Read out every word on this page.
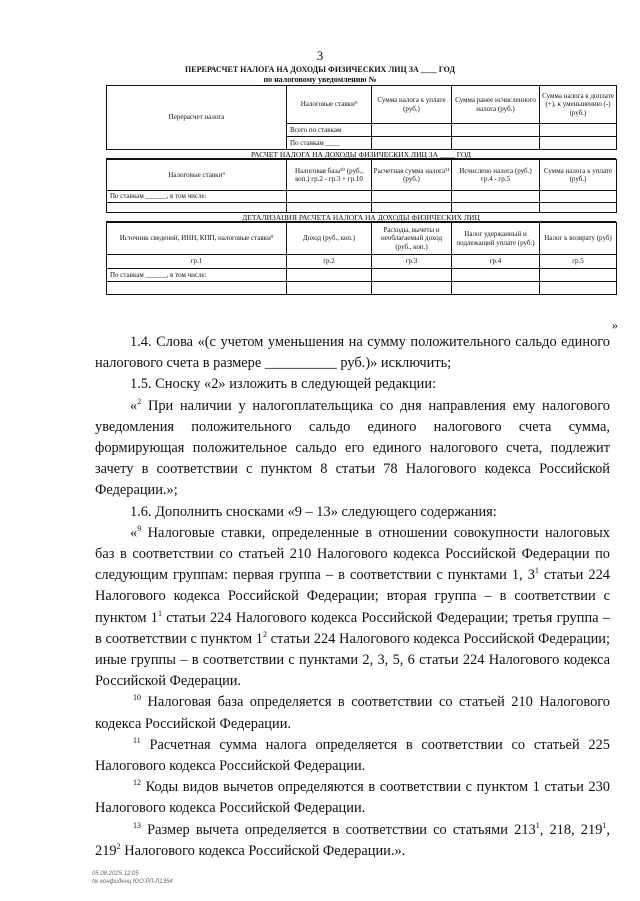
3
ПЕРЕРАСЧЕТ НАЛОГА НА ДОХОДЫ ФИЗИЧЕСКИХ ЛИЦ ЗА ____ ГОД
по налоговому уведомлению №
Перерасчет налога	Налоговые ставки⁹	Сумма налога к уплате (руб.)	Сумма ранее исчисленного налога (руб.)	Сумма налога к доплате (+), к уменьшению (-) (руб.)
	Всего по ставкам			
	По ставкам ____			
РАСЧЕТ НАЛОГА НА ДОХОДЫ ФИЗИЧЕСКИХ ЛИЦ ЗА ____ ГОД
Налоговые ставки⁹	Налоговая база¹⁰ (руб., коп.) гр.2 - гр.3 + гр.10	Расчетная сумма налога¹¹ (руб.)	Исчислено налога (руб.) гр.4 - гр.5	Сумма налога к уплате (руб.)
По ставкам ______, в том числе:				

ДЕТАЛИЗАЦИЯ РАСЧЕТА НАЛОГА НА ДОХОДЫ ФИЗИЧЕСКИХ ЛИЦ
Источник сведений, ИНН, КПП, налоговые ставки⁹	Доход (руб., коп.)	Расходы, вычеты и необлагаемый доход (руб., коп.)	Налог удержанный и подлежащий уплате (руб.)	Налог к возврату (руб)
гр.1	гр.2	гр.3	гр.4	гр.5
По ставкам ______, в том числе:				

»

1.4. Слова «(с учетом уменьшения на сумму положительного сальдо единого налогового счета в размере __________ руб.)» исключить;

1.5. Сноску «2» изложить в следующей редакции:

«$^2$ При наличии у налогоплательщика со дня направления ему налогового уведомления положительного сальдо единого налогового счета сумма, формирующая положительное сальдо его единого налогового счета, подлежит зачету в соответствии с пунктом 8 статьи 78 Налогового кодекса Российской Федерации.»;

1.6. Дополнить сносками «9 – 13» следующего содержания:

«$^9$ Налоговые ставки, определенные в отношении совокупности налоговых баз в соответствии со статьей 210 Налогового кодекса Российской Федерации по следующим группам: первая группа – в соответствии с пунктами 1, $3^1$ статьи 224 Налогового кодекса Российской Федерации; вторая группа – в соответствии с пунктом $1^1$ статьи 224 Налогового кодекса Российской Федерации; третья группа – в соответствии с пунктом $1^2$ статьи 224 Налогового кодекса Российской Федерации; иные группы – в соответствии с пунктами 2, 3, 5, 6 статьи 224 Налогового кодекса Российской Федерации.

$^{10}$ Налоговая база определяется в соответствии со статьей 210 Налогового кодекса Российской Федерации.

$^{11}$ Расчетная сумма налога определяется в соответствии со статьей 225 Налогового кодекса Российской Федерации.

$^{12}$ Коды видов вычетов определяются в соответствии с пунктом 1 статьи 230 Налогового кодекса Российской Федерации.

$^{13}$ Размер вычета определяется в соответствии со статьями $213^1$, 218, $219^1$, $219^2$ Налогового кодекса Российской Федерации.».

05.08.2025 12:05
№ конфиденц ЮО.РЛ-Л1354
